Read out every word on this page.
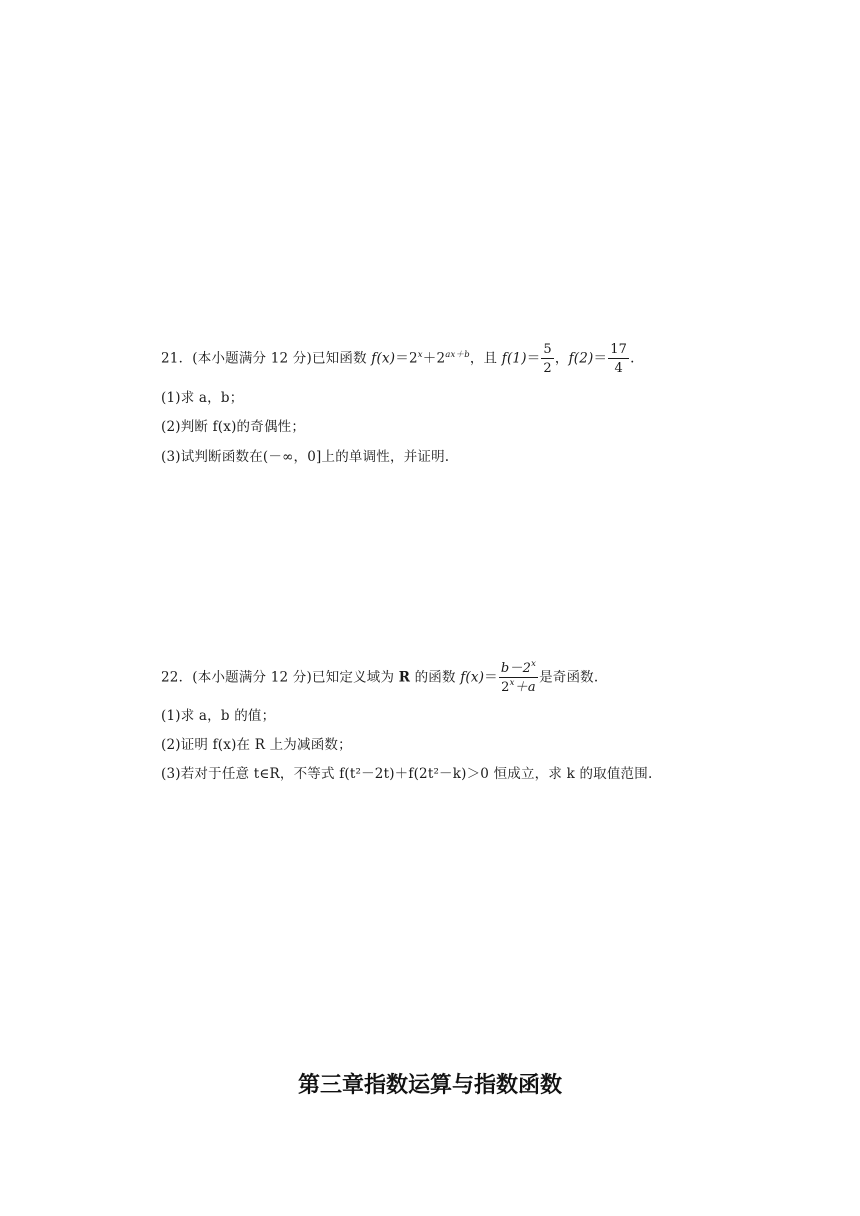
21．(本小题满分 12 分)已知函数 $f(x)=2^x+2^{ax+b}$，且 $f(1)= \frac{5}{2}$ ，$f(2)= \frac{17}{4}$ .
(1)求 a，b；
(2)判断 f(x)的奇偶性；
(3)试判断函数在(－∞，0]上的单调性，并证明.
22．(本小题满分 12 分)已知定义域为 R 的函数 $f(x)= \frac{b-2^x}{2^x+a}$ 是奇函数.
(1)求 a，b 的值；
(2)证明 f(x)在 R 上为减函数；
(3)若对于任意 t∈R，不等式 f(t²－2t)＋f(2t²－k)＞0 恒成立，求 k 的取值范围.
第三章指数运算与指数函数
